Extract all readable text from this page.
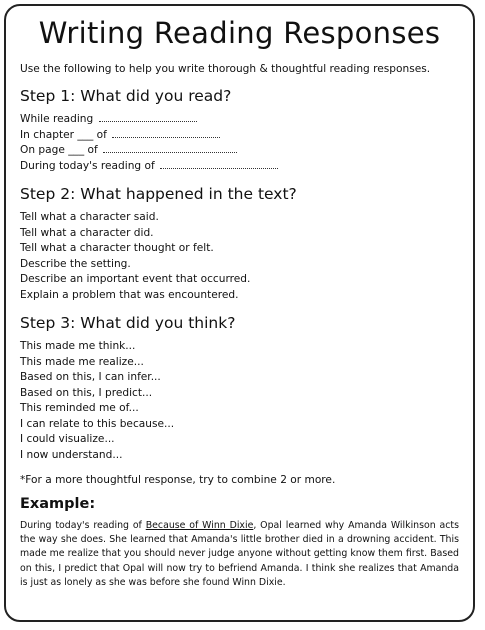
Writing Reading Responses

Use the following to help you write thorough & thoughtful reading responses.

Step 1: What did you read?
While reading
In chapter ___ of
On page ___ of
During today's reading of
Step 2: What happened in the text?
Tell what a character said.
Tell what a character did.
Tell what a character thought or felt.
Describe the setting.
Describe an important event that occurred.
Explain a problem that was encountered.
Step 3: What did you think?
This made me think...
This made me realize...
Based on this, I can infer...
Based on this, I predict...
This reminded me of...
I can relate to this because...
I could visualize...
I now understand...

*For a more thoughtful response, try to combine 2 or more.

Example:

During today's reading of Because of Winn Dixie, Opal learned why Amanda Wilkinson acts the way she does. She learned that Amanda's little brother died in a drowning accident. This made me realize that you should never judge anyone without getting know them first. Based on this, I predict that Opal will now try to befriend Amanda. I think she realizes that Amanda is just as lonely as she was before she found Winn Dixie.
